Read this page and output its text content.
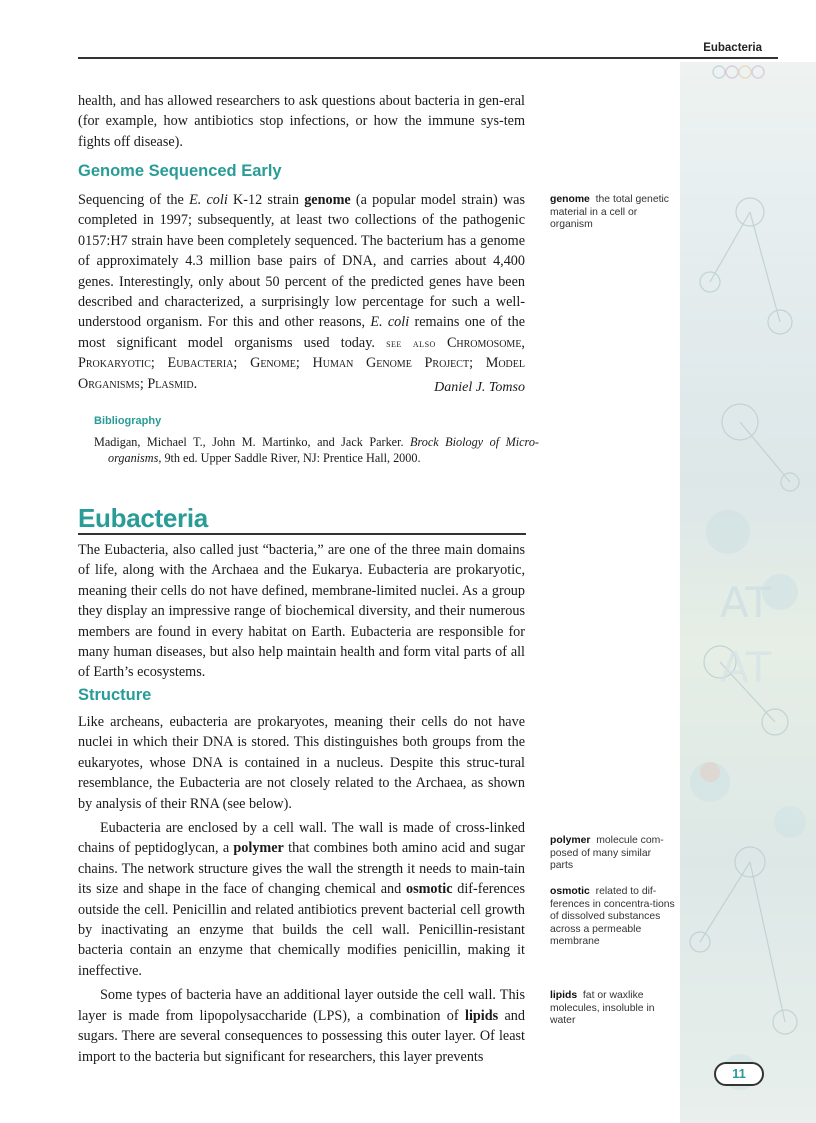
Eubacteria
AT
AT

health, and has allowed researchers to ask questions about bacteria in gen-eral (for example, how antibiotics stop infections, or how the immune sys-tem fights off disease).

Genome Sequenced Early

Sequencing of the E. coli K-12 strain genome (a popular model strain) was completed in 1997; subsequently, at least two collections of the pathogenic 0157:H7 strain have been completely sequenced. The bacterium has a genome of approximately 4.3 million base pairs of DNA, and carries about 4,400 genes. Interestingly, only about 50 percent of the predicted genes have been described and characterized, a surprisingly low percentage for such a well-understood organism. For this and other reasons, E. coli remains one of the most significant model organisms used today. see also Chromosome, Prokaryotic; Eubacteria; Genome; Human Genome Project; Model Organisms; Plasmid.	Daniel J. Tomso
Bibliography

Madigan, Michael T., John M. Martinko, and Jack Parker. Brock Biology of Micro-organisms, 9th ed. Upper Saddle River, NJ: Prentice Hall, 2000.

Eubacteria

The Eubacteria, also called just “bacteria,” are one of the three main domains of life, along with the Archaea and the Eukarya. Eubacteria are prokaryotic, meaning their cells do not have defined, membrane-limited nuclei. As a group they display an impressive range of biochemical diversity, and their numerous members are found in every habitat on Earth. Eubacteria are responsible for many human diseases, but also help maintain health and form vital parts of all of Earth’s ecosystems.

Structure

Like archeans, eubacteria are prokaryotes, meaning their cells do not have nuclei in which their DNA is stored. This distinguishes both groups from the eukaryotes, whose DNA is contained in a nucleus. Despite this struc-tural resemblance, the Eubacteria are not closely related to the Archaea, as shown by analysis of their RNA (see below).

Eubacteria are enclosed by a cell wall. The wall is made of cross-linked chains of peptidoglycan, a polymer that combines both amino acid and sugar chains. The network structure gives the wall the strength it needs to main-tain its size and shape in the face of changing chemical and osmotic dif-ferences outside the cell. Penicillin and related antibiotics prevent bacterial cell growth by inactivating an enzyme that builds the cell wall. Penicillin-resistant bacteria contain an enzyme that chemically modifies penicillin, making it ineffective.

Some types of bacteria have an additional layer outside the cell wall. This layer is made from lipopolysaccharide (LPS), a combination of lipids and sugars. There are several consequences to possessing this outer layer. Of least import to the bacteria but significant for researchers, this layer prevents

genome the total genetic material in a cell or organism
polymer molecule com-posed of many similar parts
osmotic related to dif-ferences in concentra-tions of dissolved substances across a permeable membrane
lipids fat or waxlike molecules, insoluble in water
11
